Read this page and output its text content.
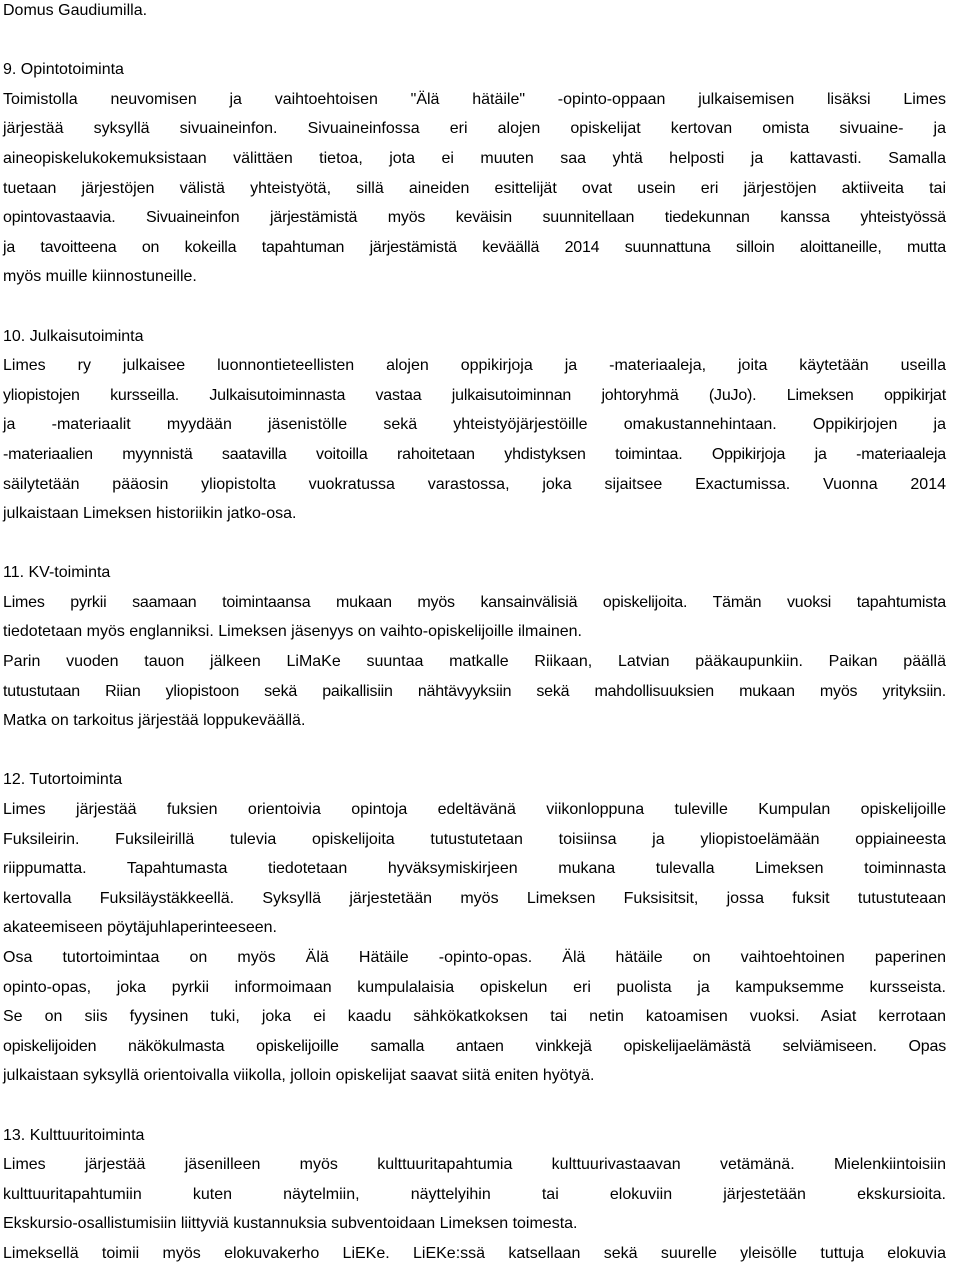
Domus Gaudiumilla.
9. Opintotoiminta
Toimistolla neuvomisen ja vaihtoehtoisen "Älä hätäile" -opinto-oppaan julkaisemisen lisäksi Limes
järjestää syksyllä sivuaineinfon. Sivuaineinfossa eri alojen opiskelijat kertovan omista sivuaine- ja
aineopiskelukokemuksistaan välittäen tietoa, jota ei muuten saa yhtä helposti ja kattavasti. Samalla
tuetaan järjestöjen välistä yhteistyötä, sillä aineiden esittelijät ovat usein eri järjestöjen aktiiveita tai
opintovastaavia. Sivuaineinfon järjestämistä myös keväisin suunnitellaan tiedekunnan kanssa yhteistyössä
ja tavoitteena on kokeilla tapahtuman järjestämistä keväällä 2014 suunnattuna silloin aloittaneille, mutta
myös muille kiinnostuneille.
10. Julkaisutoiminta
Limes ry julkaisee luonnontieteellisten alojen oppikirjoja ja -materiaaleja, joita käytetään useilla
yliopistojen kursseilla. Julkaisutoiminnasta vastaa julkaisutoiminnan johtoryhmä (JuJo). Limeksen oppikirjat
ja -materiaalit myydään jäsenistölle sekä yhteistyöjärjestöille omakustannehintaan. Oppikirjojen ja
-materiaalien myynnistä saatavilla voitoilla rahoitetaan yhdistyksen toimintaa. Oppikirjoja ja -materiaaleja
säilytetään pääosin yliopistolta vuokratussa varastossa, joka sijaitsee Exactumissa. Vuonna 2014
julkaistaan Limeksen historiikin jatko-osa.
11. KV-toiminta
Limes pyrkii saamaan toimintaansa mukaan myös kansainvälisiä opiskelijoita. Tämän vuoksi tapahtumista
tiedotetaan myös englanniksi. Limeksen jäsenyys on vaihto-opiskelijoille ilmainen.
Parin vuoden tauon jälkeen LiMaKe suuntaa matkalle Riikaan, Latvian pääkaupunkiin. Paikan päällä
tutustutaan Riian yliopistoon sekä paikallisiin nähtävyyksiin sekä mahdollisuuksien mukaan myös yrityksiin.
Matka on tarkoitus järjestää loppukeväällä.
12. Tutortoiminta
Limes järjestää fuksien orientoivia opintoja edeltävänä viikonloppuna tuleville Kumpulan opiskelijoille
Fuksileirin. Fuksileirillä tulevia opiskelijoita tutustutetaan toisiinsa ja yliopistoelämään oppiaineesta
riippumatta. Tapahtumasta tiedotetaan hyväksymiskirjeen mukana tulevalla Limeksen toiminnasta
kertovalla Fuksiläystäkkeellä. Syksyllä järjestetään myös Limeksen Fuksisitsit, jossa fuksit tutustuteaan
akateemiseen pöytäjuhlaperinteeseen.
Osa tutortoimintaa on myös Älä Hätäile -opinto-opas. Älä hätäile on vaihtoehtoinen paperinen
opinto-opas, joka pyrkii informoimaan kumpulalaisia opiskelun eri puolista ja kampuksemme kursseista.
Se on siis fyysinen tuki, joka ei kaadu sähkökatkoksen tai netin katoamisen vuoksi. Asiat kerrotaan
opiskelijoiden näkökulmasta opiskelijoille samalla antaen vinkkejä opiskelijaelämästä selviämiseen. Opas
julkaistaan syksyllä orientoivalla viikolla, jolloin opiskelijat saavat siitä eniten hyötyä.
13. Kulttuuritoiminta
Limes järjestää jäsenilleen myös kulttuuritapahtumia kulttuurivastaavan vetämänä. Mielenkiintoisiin
kulttuuritapahtumiin kuten näytelmiin, näyttelyihin tai elokuviin järjestetään ekskursioita.
Ekskursio-osallistumisiin liittyviä kustannuksia subventoidaan Limeksen toimesta.
Limeksellä toimii myös elokuvakerho LiEKe. LiEKe:ssä katsellaan sekä suurelle yleisölle tuttuja elokuvia
